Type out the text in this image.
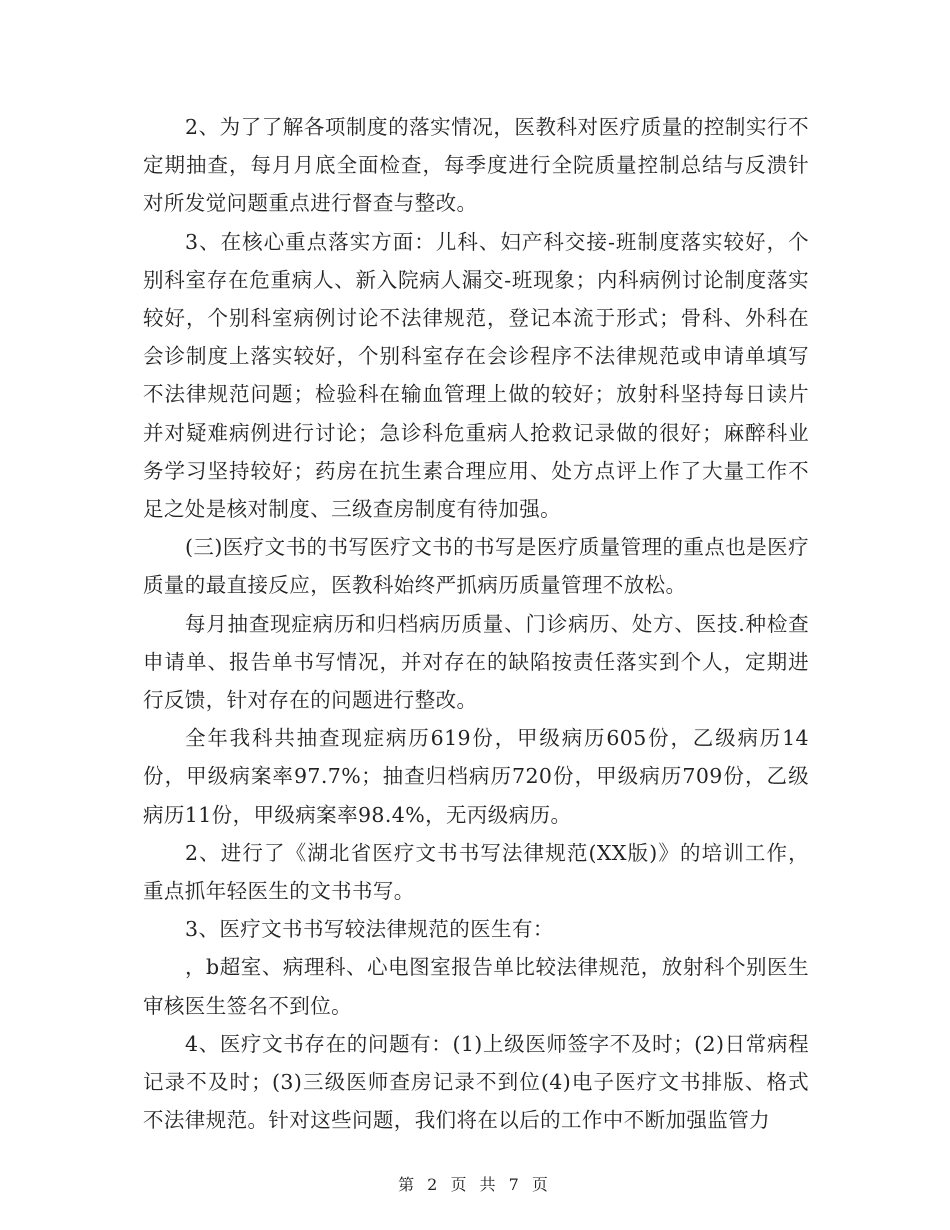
2、为了了解各项制度的落实情况，医教科对医疗质量的控制实行不定期抽查，每月月底全面检查，每季度进行全院质量控制总结与反溃针对所发觉问题重点进行督查与整改。

3、在核心重点落实方面：儿科、妇产科交接-班制度落实较好，个别科室存在危重病人、新入院病人漏交-班现象；内科病例讨论制度落实较好，个别科室病例讨论不法律规范，登记本流于形式；骨科、外科在会诊制度上落实较好，个别科室存在会诊程序不法律规范或申请单填写不法律规范问题；检验科在输血管理上做的较好；放射科坚持每日读片并对疑难病例进行讨论；急诊科危重病人抢救记录做的很好；麻醉科业务学习坚持较好；药房在抗生素合理应用、处方点评上作了大量工作不足之处是核对制度、三级查房制度有待加强。

(三)医疗文书的书写医疗文书的书写是医疗质量管理的重点也是医疗质量的最直接反应，医教科始终严抓病历质量管理不放松。

每月抽查现症病历和归档病历质量、门诊病历、处方、医技.种检查申请单、报告单书写情况，并对存在的缺陷按责任落实到个人，定期进行反馈，针对存在的问题进行整改。

全年我科共抽查现症病历619份，甲级病历605份，乙级病历14份，甲级病案率97.7%；抽查归档病历720份，甲级病历709份，乙级病历11份，甲级病案率98.4%，无丙级病历。

2、进行了《湖北省医疗文书书写法律规范(XX版)》的培训工作，重点抓年轻医生的文书书写。

3、医疗文书书写较法律规范的医生有：

，b超室、病理科、心电图室报告单比较法律规范，放射科个别医生审核医生签名不到位。

4、医疗文书存在的问题有：(1)上级医师签字不及时；(2)日常病程记录不及时；(3)三级医师查房记录不到位(4)电子医疗文书排版、格式不法律规范。针对这些问题，我们将在以后的工作中不断加强监管力

第 2 页 共 7 页
